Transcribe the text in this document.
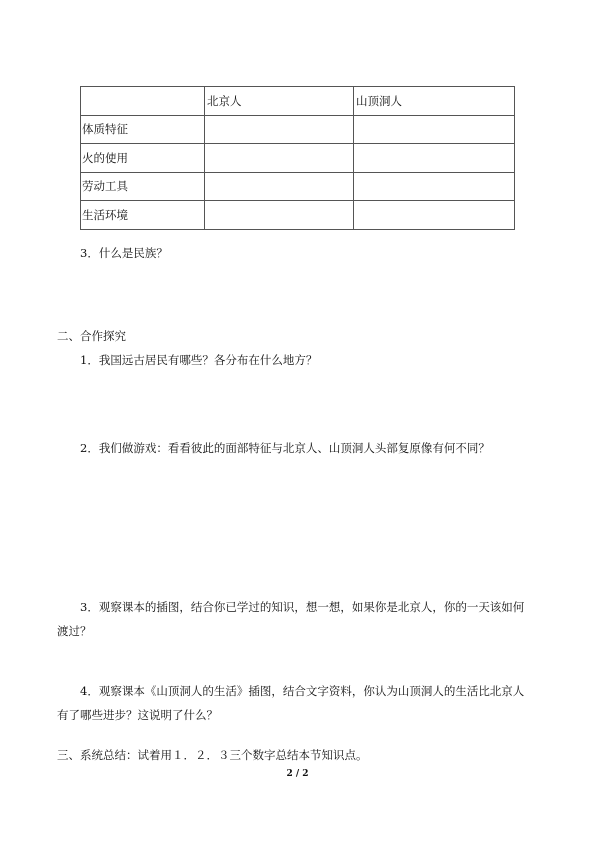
	北京人	山顶洞人
体质特征		
火的使用		
劳动工具		
生活环境		
3．什么是民族？
二、合作探究
1．我国远古居民有哪些？各分布在什么地方？
2．我们做游戏：看看彼此的面部特征与北京人、山顶洞人头部复原像有何不同？
3．观察课本的插图，结合你已学过的知识，想一想，如果你是北京人，你的一天该如何
渡过？
4．观察课本《山顶洞人的生活》插图，结合文字资料，你认为山顶洞人的生活比北京人
有了哪些进步？这说明了什么？
三、系统总结：试着用１．２．３三个数字总结本节知识点。
2 / 2
